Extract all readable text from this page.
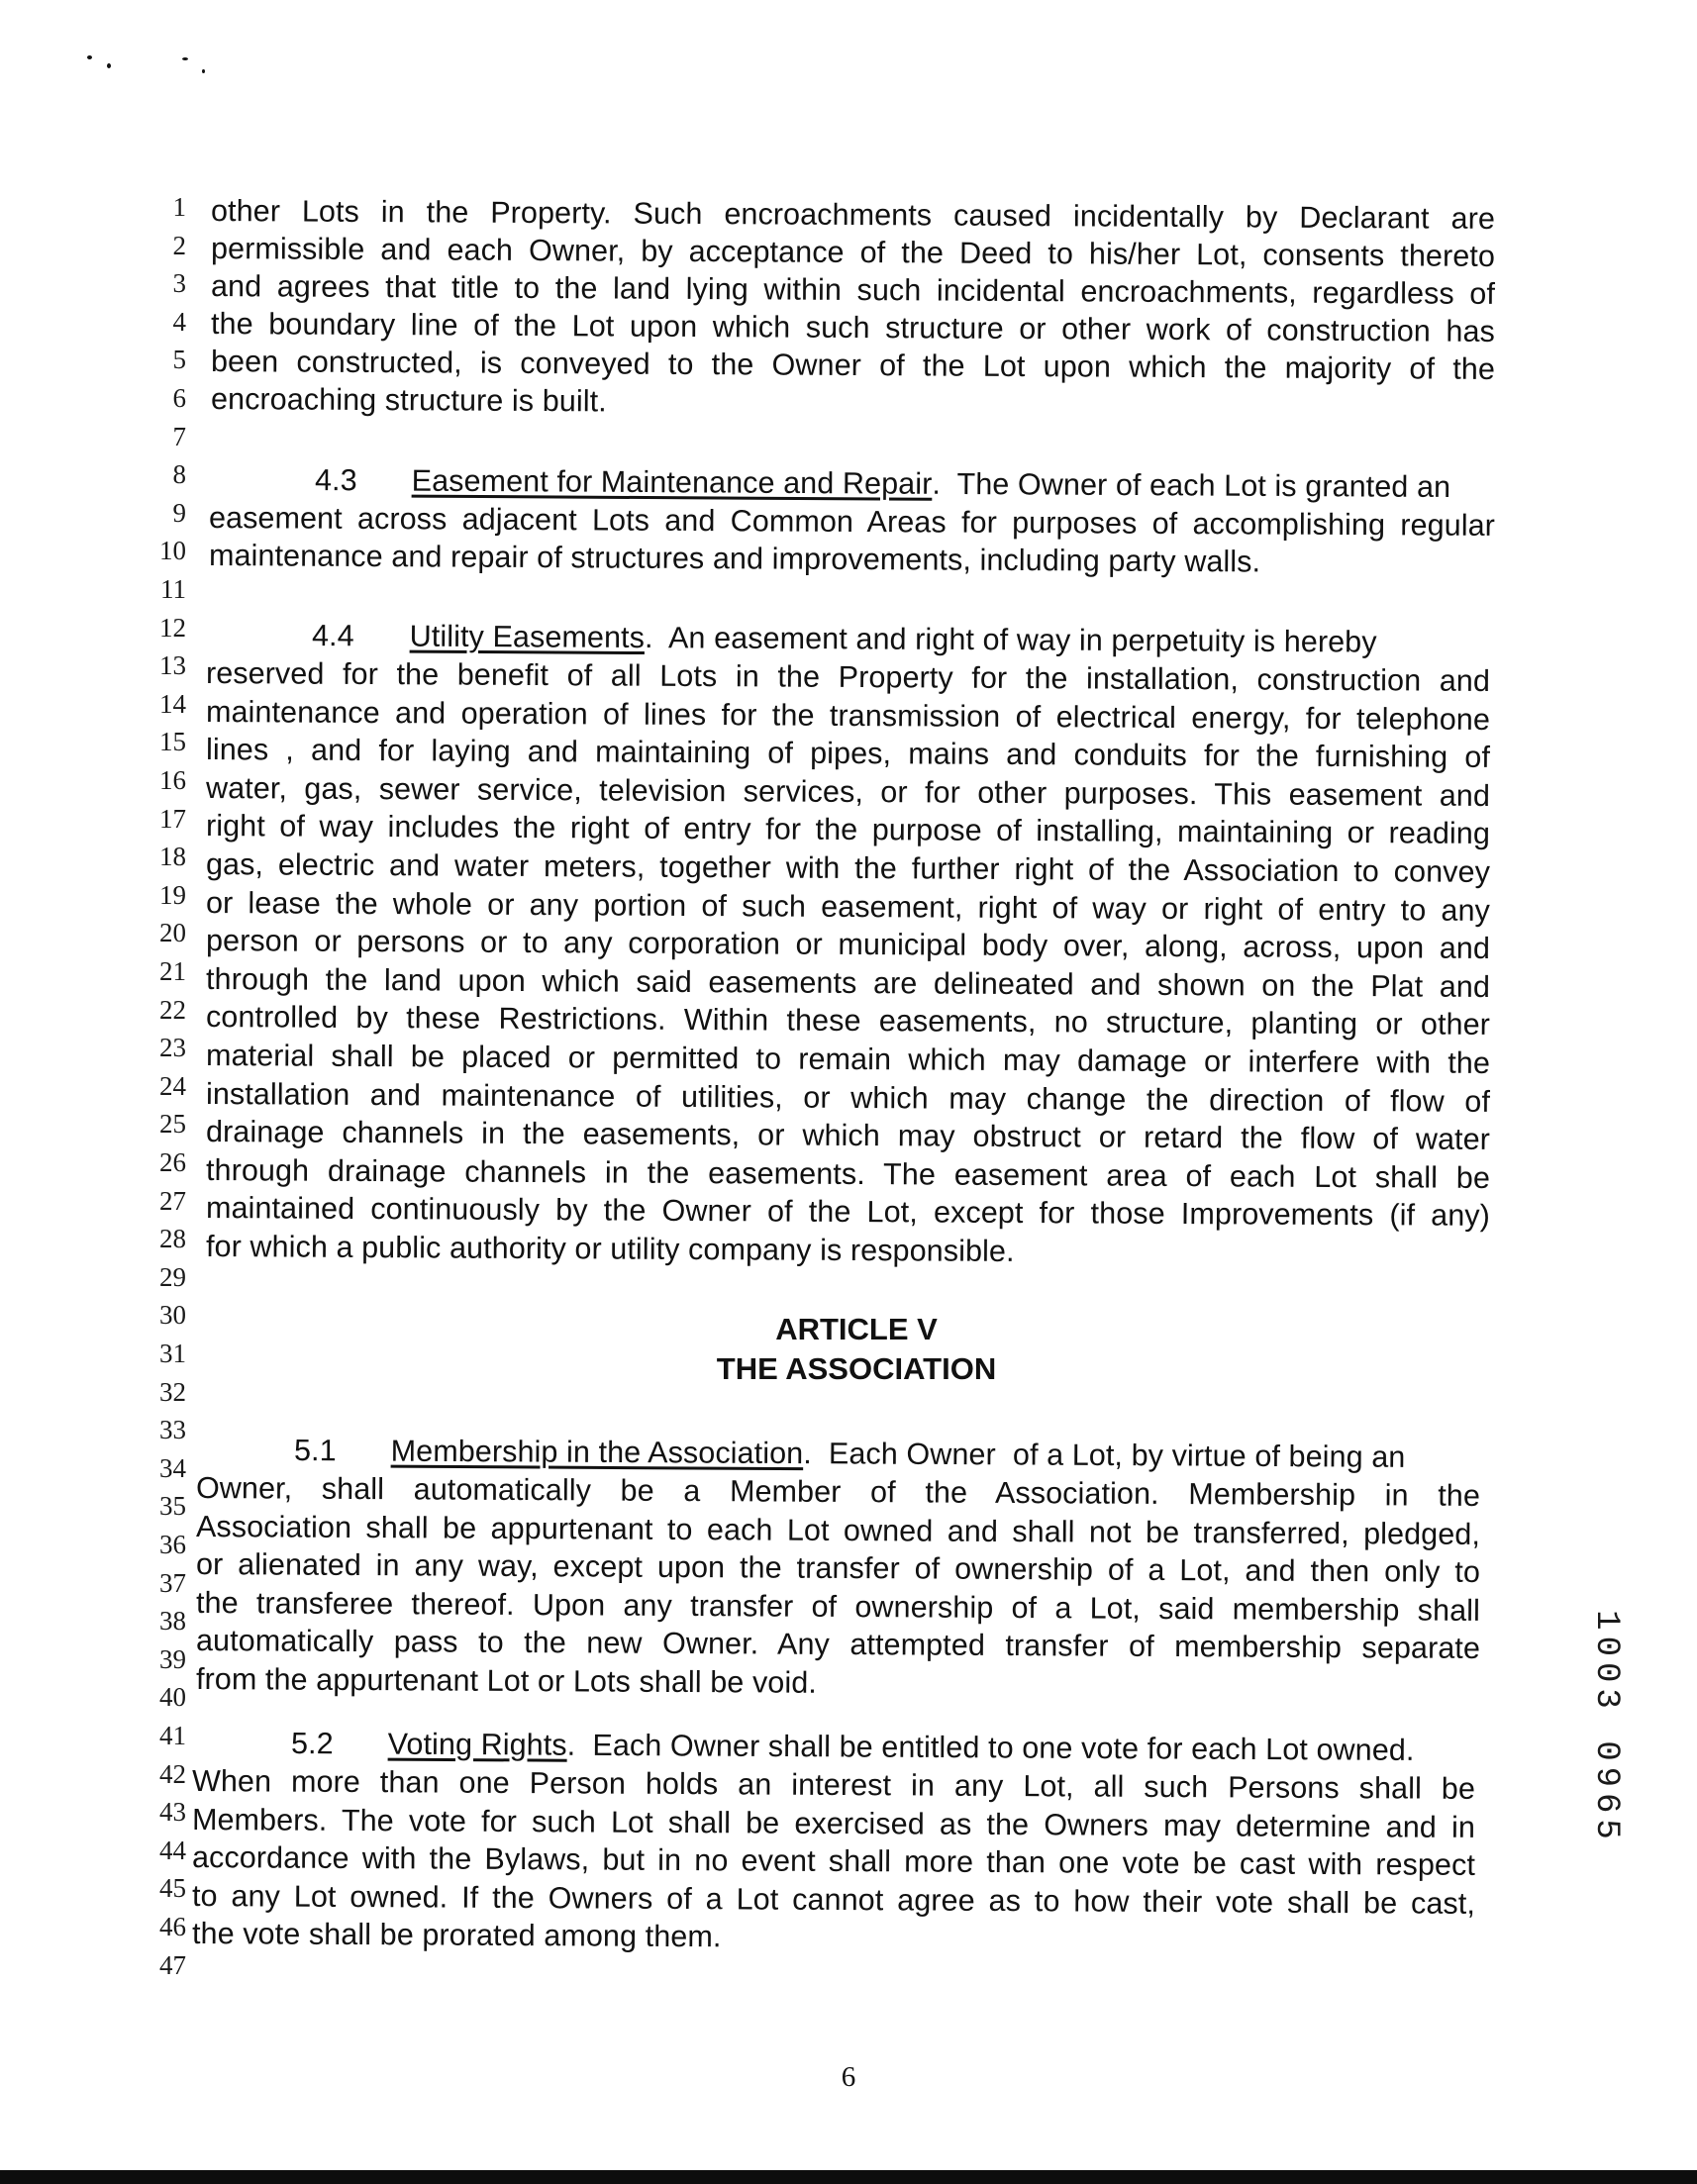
1
2
3
4
5
6
7
8
9
10
11
12
13
14
15
16
17
18
19
20
21
22
23
24
25
26
27
28
29
30
31
32
33
34
35
36
37
38
39
40
41
42
43
44
45
46
47
other Lots in the Property. Such encroachments caused incidentally by Declarant are
permissible and each Owner, by acceptance of the Deed to his/her Lot, consents thereto
and agrees that title to the land lying within such incidental encroachments, regardless of
the boundary line of the Lot upon which such structure or other work of construction has
been constructed, is conveyed to the Owner of the Lot upon which the majority of the
encroaching structure is built.
4.3 Easement for Maintenance and Repair .  The Owner of each Lot is granted an
easement across adjacent Lots and Common Areas for purposes of accomplishing regular
maintenance and repair of structures and improvements, including party walls.
4.4 Utility Easements .  An easement and right of way in perpetuity is hereby
reserved for the benefit of all Lots in the Property for the installation, construction and
maintenance and operation of lines for the transmission of electrical energy, for telephone
lines , and for laying and maintaining of pipes, mains and conduits for the furnishing of
water, gas, sewer service, television services, or for other purposes. This easement and
right of way includes the right of entry for the purpose of installing, maintaining or reading
gas, electric and water meters, together with the further right of the Association to convey
or lease the whole or any portion of such easement, right of way or right of entry to any
person or persons or to any corporation or municipal body over, along, across, upon and
through the land upon which said easements are delineated and shown on the Plat and
controlled by these Restrictions. Within these easements, no structure, planting or other
material shall be placed or permitted to remain which may damage or interfere with the
installation and maintenance of utilities, or which may change the direction of flow of
drainage channels in the easements, or which may obstruct or retard the flow of water
through drainage channels in the easements. The easement area of each Lot shall be
maintained continuously by the Owner of the Lot, except for those Improvements (if any)
for which a public authority or utility company is responsible.
ARTICLE V
THE ASSOCIATION
5.1 Membership in the Association .  Each Owner  of a Lot, by virtue of being an
Owner, shall automatically be a Member of the Association. Membership in the
Association shall be appurtenant to each Lot owned and shall not be transferred, pledged,
or alienated in any way, except upon the transfer of ownership of a Lot, and then only to
the transferee thereof. Upon any transfer of ownership of a Lot, said membership shall
automatically pass to the new Owner. Any attempted transfer of membership separate
from the appurtenant Lot or Lots shall be void.
5.2 Voting Rights .  Each Owner shall be entitled to one vote for each Lot owned.
When more than one Person holds an interest in any Lot, all such Persons shall be
Members. The vote for such Lot shall be exercised as the Owners may determine and in
accordance with the Bylaws, but in no event shall more than one vote be cast with respect
to any Lot owned. If the Owners of a Lot cannot agree as to how their vote shall be cast,
the vote shall be prorated among them.
1003 0965
6
